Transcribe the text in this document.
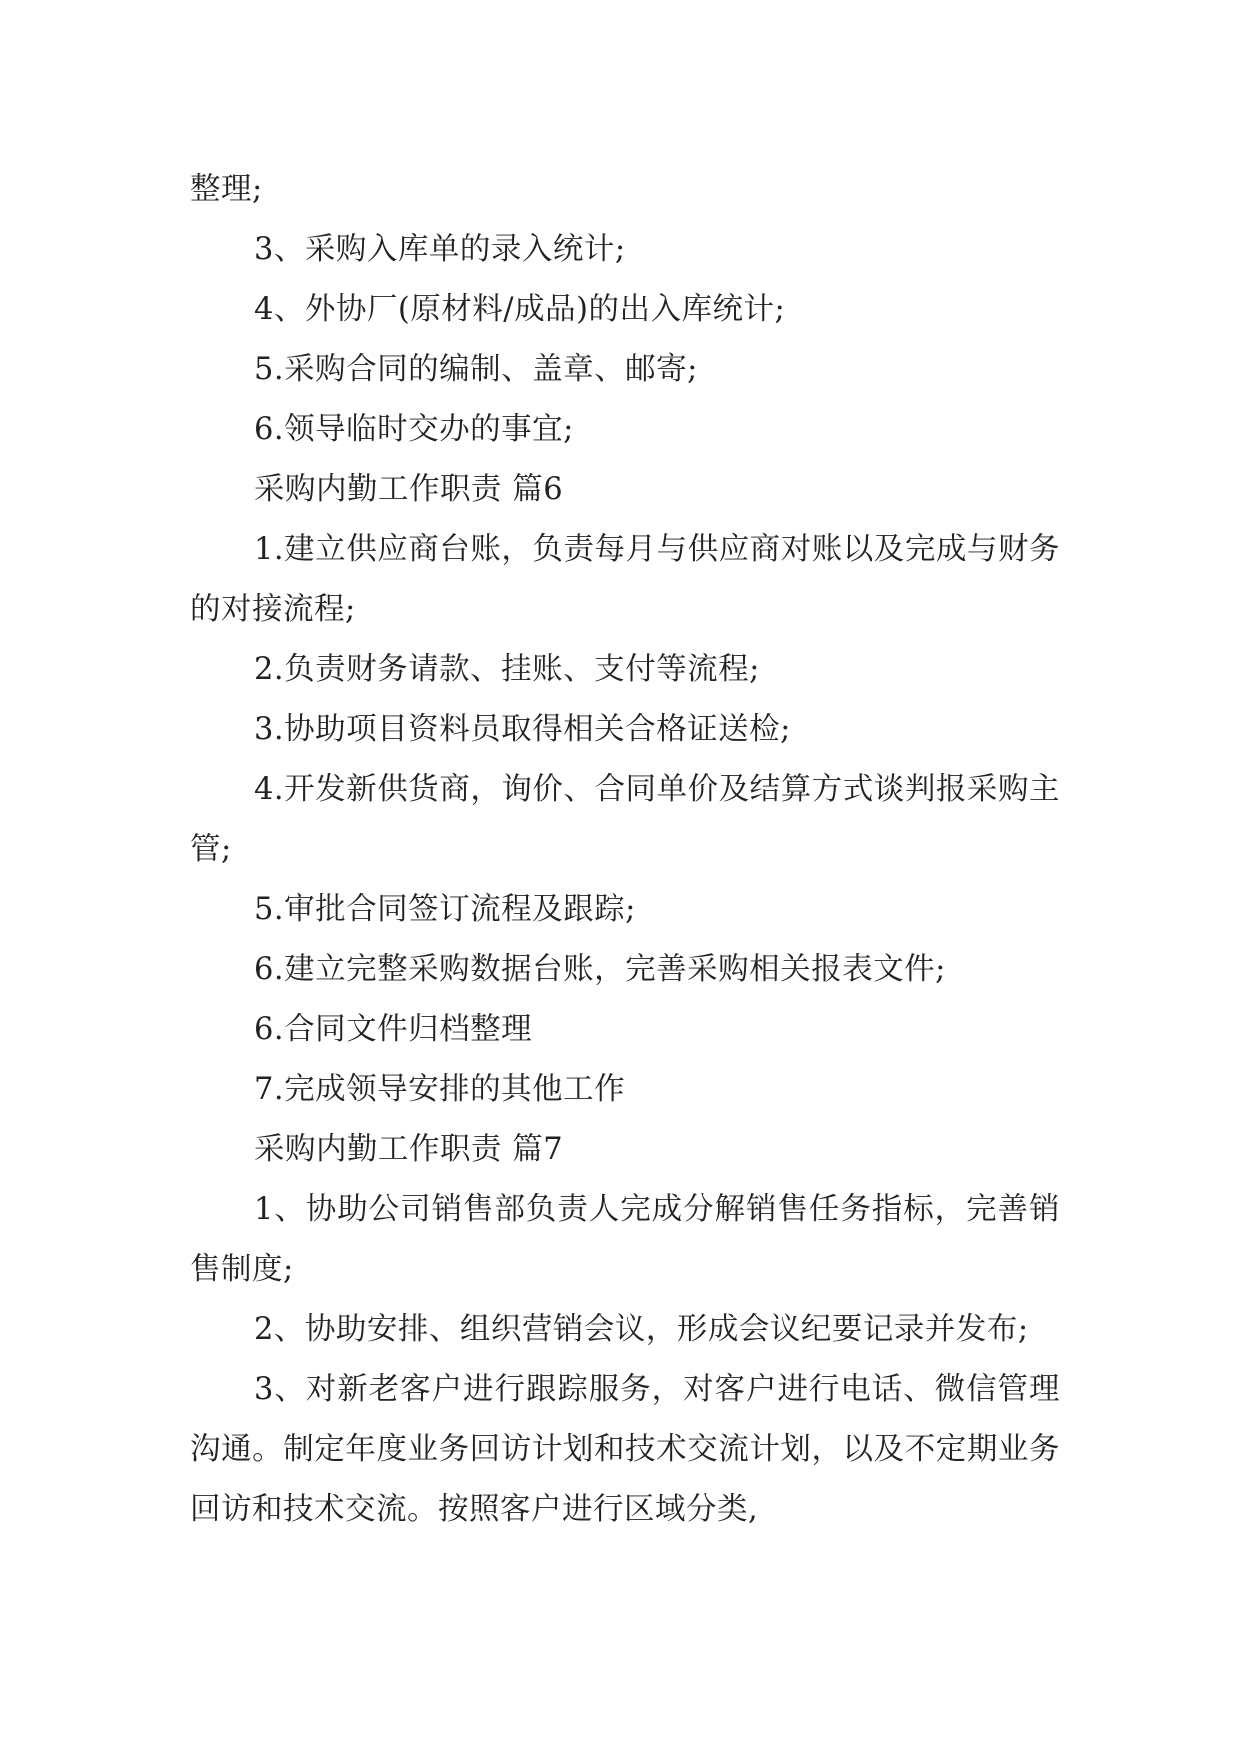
整理;

3、采购入库单的录入统计;

4、外协厂(原材料/成品)的出入库统计;

5.采购合同的编制、盖章、邮寄;

6.领导临时交办的事宜;

采购内勤工作职责 篇6

1.建立供应商台账，负责每月与供应商对账以及完成与财务的对接流程;

2.负责财务请款、挂账、支付等流程;

3.协助项目资料员取得相关合格证送检;

4.开发新供货商，询价、合同单价及结算方式谈判报采购主管;

5.审批合同签订流程及跟踪;

6.建立完整采购数据台账，完善采购相关报表文件;

6.合同文件归档整理

7.完成领导安排的其他工作

采购内勤工作职责 篇7

1、协助公司销售部负责人完成分解销售任务指标，完善销售制度;

2、协助安排、组织营销会议，形成会议纪要记录并发布;

3、对新老客户进行跟踪服务，对客户进行电话、微信管理沟通。制定年度业务回访计划和技术交流计划，以及不定期业务回访和技术交流。按照客户进行区域分类,
